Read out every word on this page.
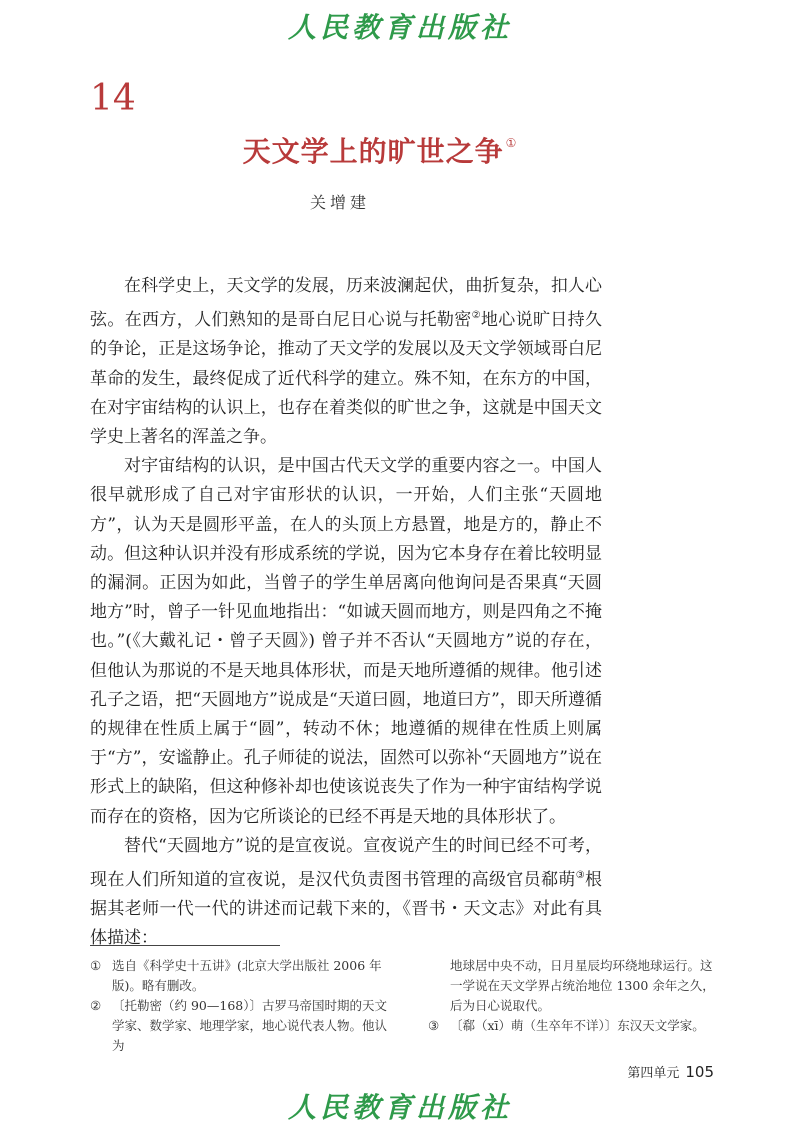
人民教育出版社
14
天文学上的旷世之争 ①
关增建

在科学史上，天文学的发展，历来波澜起伏，曲折复杂，扣人心弦。在西方，人们熟知的是哥白尼日心说与托勒密②地心说旷日持久的争论，正是这场争论，推动了天文学的发展以及天文学领域哥白尼革命的发生，最终促成了近代科学的建立。殊不知，在东方的中国，在对宇宙结构的认识上，也存在着类似的旷世之争，这就是中国天文学史上著名的浑盖之争。

对宇宙结构的认识，是中国古代天文学的重要内容之一。中国人很早就形成了自己对宇宙形状的认识，一开始，人们主张“天圆地方”，认为天是圆形平盖，在人的头顶上方悬置，地是方的，静止不动。但这种认识并没有形成系统的学说，因为它本身存在着比较明显的漏洞。正因为如此，当曾子的学生单居离向他询问是否果真“天圆地方”时，曾子一针见血地指出：“如诚天圆而地方，则是四角之不掩也。”(《大戴礼记・曾子天圆》) 曾子并不否认“天圆地方”说的存在，但他认为那说的不是天地具体形状，而是天地所遵循的规律。他引述孔子之语，把“天圆地方”说成是“天道曰圆，地道曰方”，即天所遵循的规律在性质上属于“圆”，转动不休；地遵循的规律在性质上则属于“方”，安谧静止。孔子师徒的说法，固然可以弥补“天圆地方”说在形式上的缺陷，但这种修补却也使该说丧失了作为一种宇宙结构学说而存在的资格，因为它所谈论的已经不再是天地的具体形状了。

替代“天圆地方”说的是宣夜说。宣夜说产生的时间已经不可考，现在人们所知道的宣夜说，是汉代负责图书管理的高级官员郗萌③根据其老师一代一代的讲述而记载下来的，《晋书・天文志》对此有具体描述：

① 选自《科学史十五讲》(北京大学出版社 2006 年版)。略有删改。
② 〔托勒密（约 90—168）〕古罗马帝国时期的天文学家、数学家、地理学家，地心说代表人物。他认为
地球居中央不动，日月星辰均环绕地球运行。这一学说在天文学界占统治地位 1300 余年之久，后为日心说取代。
③ 〔郗（xī）萌（生卒年不详）〕东汉天文学家。
第四单元 105
人民教育出版社
